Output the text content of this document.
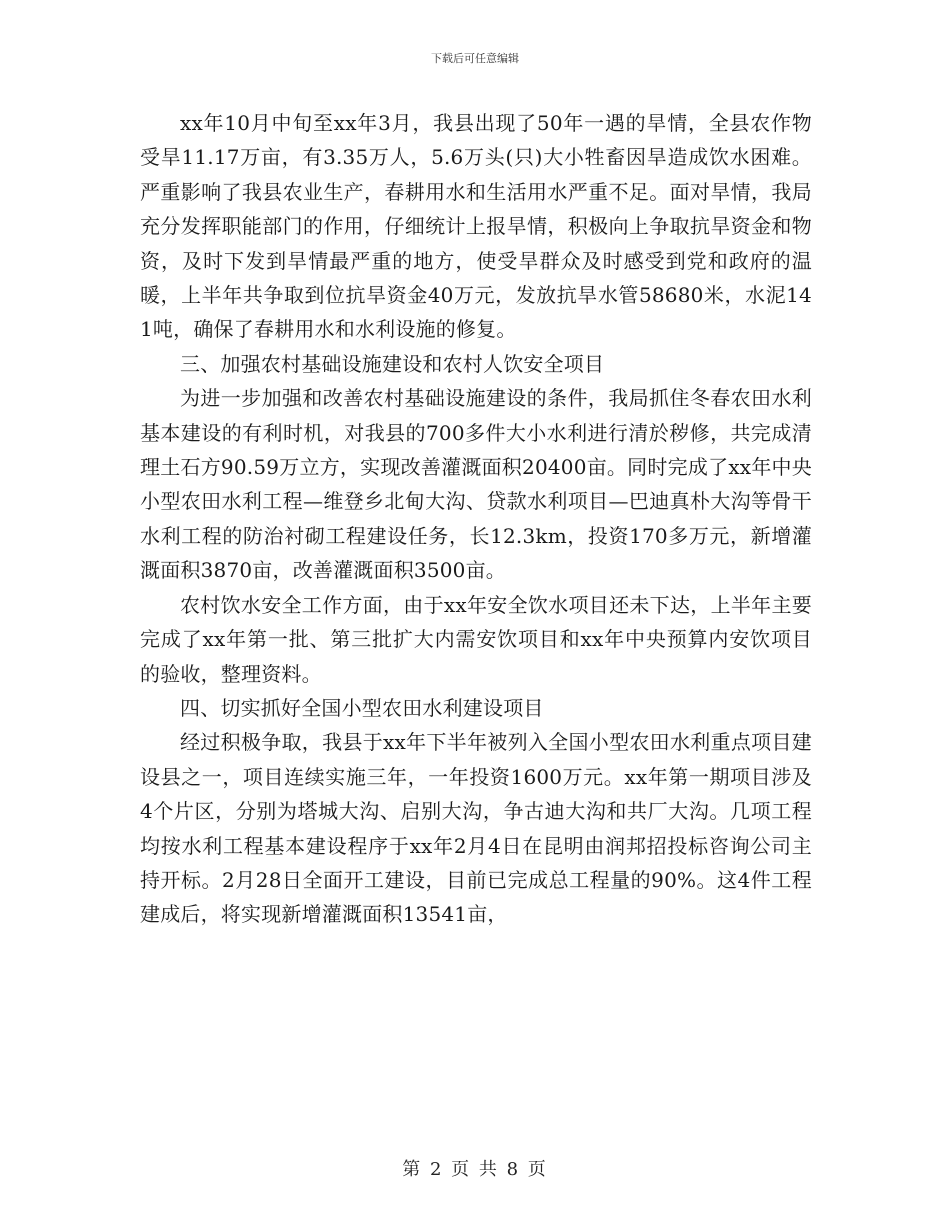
下载后可任意编辑

xx年10月中旬至xx年3月，我县出现了50年一遇的旱情，全县农作物受旱11.17万亩，有3.35万人，5.6万头(只)大小牲畜因旱造成饮水困难。严重影响了我县农业生产，春耕用水和生活用水严重不足。面对旱情，我局充分发挥职能部门的作用，仔细统计上报旱情，积极向上争取抗旱资金和物资，及时下发到旱情最严重的地方，使受旱群众及时感受到党和政府的温暖，上半年共争取到位抗旱资金40万元，发放抗旱水管58680米，水泥141吨，确保了春耕用水和水利设施的修复。

三、加强农村基础设施建设和农村人饮安全项目

为进一步加强和改善农村基础设施建设的条件，我局抓住冬春农田水利基本建设的有利时机，对我县的700多件大小水利进行清於秽修，共完成清理土石方90.59万立方，实现改善灌溉面积20400亩。同时完成了xx年中央小型农田水利工程—维登乡北甸大沟、贷款水利项目—巴迪真朴大沟等骨干水利工程的防治衬砌工程建设任务，长12.3km，投资170多万元，新增灌溉面积3870亩，改善灌溉面积3500亩。

农村饮水安全工作方面，由于xx年安全饮水项目还未下达，上半年主要完成了xx年第一批、第三批扩大内需安饮项目和xx年中央预算内安饮项目的验收，整理资料。

四、切实抓好全国小型农田水利建设项目

经过积极争取，我县于xx年下半年被列入全国小型农田水利重点项目建设县之一，项目连续实施三年，一年投资1600万元。xx年第一期项目涉及4个片区，分别为塔城大沟、启别大沟，争古迪大沟和共厂大沟。几项工程均按水利工程基本建设程序于xx年2月4日在昆明由润邦招投标咨询公司主持开标。2月28日全面开工建设，目前已完成总工程量的90%。这4件工程建成后，将实现新增灌溉面积13541亩，

第 2 页 共 8 页
